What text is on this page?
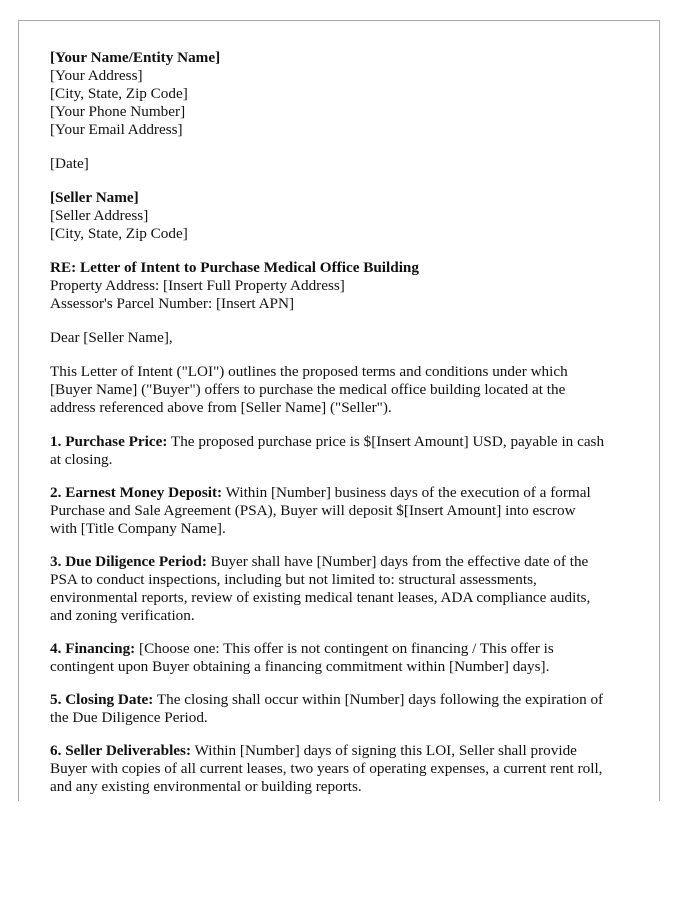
[Your Name/Entity Name]
[Your Address]
[City, State, Zip Code]
[Your Phone Number]
[Your Email Address]
[Date]
[Seller Name]
[Seller Address]
[City, State, Zip Code]
RE: Letter of Intent to Purchase Medical Office Building
Property Address: [Insert Full Property Address]
Assessor's Parcel Number: [Insert APN]
Dear [Seller Name],
This Letter of Intent ("LOI") outlines the proposed terms and conditions under which
[Buyer Name] ("Buyer") offers to purchase the medical office building located at the
address referenced above from [Seller Name] ("Seller").
1. Purchase Price: The proposed purchase price is $[Insert Amount] USD, payable in cash
at closing.
2. Earnest Money Deposit: Within [Number] business days of the execution of a formal
Purchase and Sale Agreement (PSA), Buyer will deposit $[Insert Amount] into escrow
with [Title Company Name].
3. Due Diligence Period: Buyer shall have [Number] days from the effective date of the
PSA to conduct inspections, including but not limited to: structural assessments,
environmental reports, review of existing medical tenant leases, ADA compliance audits,
and zoning verification.
4. Financing: [Choose one: This offer is not contingent on financing / This offer is
contingent upon Buyer obtaining a financing commitment within [Number] days].
5. Closing Date: The closing shall occur within [Number] days following the expiration of
the Due Diligence Period.
6. Seller Deliverables: Within [Number] days of signing this LOI, Seller shall provide
Buyer with copies of all current leases, two years of operating expenses, a current rent roll,
and any existing environmental or building reports.
